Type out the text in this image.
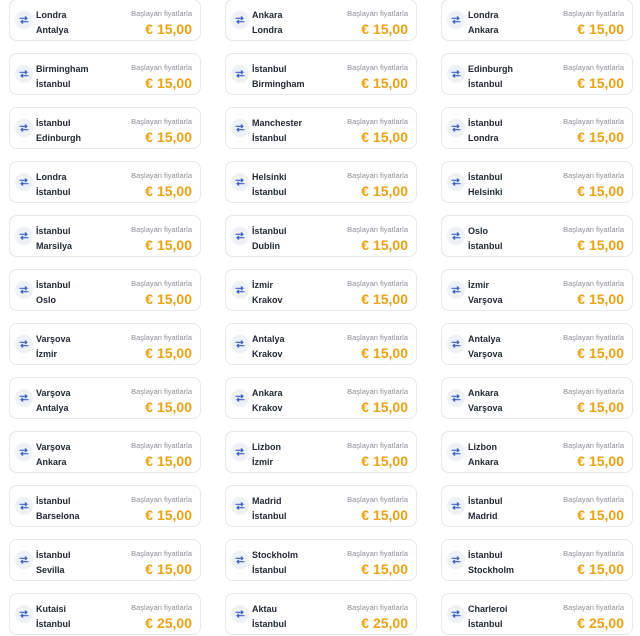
Londra
Antalya
Başlayan fiyatlarla
€ 15,00
Ankara
Londra
Başlayan fiyatlarla
€ 15,00
Londra
Ankara
Başlayan fiyatlarla
€ 15,00
Birmingham
İstanbul
Başlayan fiyatlarla
€ 15,00
İstanbul
Birmingham
Başlayan fiyatlarla
€ 15,00
Edinburgh
İstanbul
Başlayan fiyatlarla
€ 15,00
İstanbul
Edinburgh
Başlayan fiyatlarla
€ 15,00
Manchester
İstanbul
Başlayan fiyatlarla
€ 15,00
İstanbul
Londra
Başlayan fiyatlarla
€ 15,00
Londra
İstanbul
Başlayan fiyatlarla
€ 15,00
Helsinki
İstanbul
Başlayan fiyatlarla
€ 15,00
İstanbul
Helsinki
Başlayan fiyatlarla
€ 15,00
İstanbul
Marsilya
Başlayan fiyatlarla
€ 15,00
İstanbul
Dublin
Başlayan fiyatlarla
€ 15,00
Oslo
İstanbul
Başlayan fiyatlarla
€ 15,00
İstanbul
Oslo
Başlayan fiyatlarla
€ 15,00
İzmir
Krakov
Başlayan fiyatlarla
€ 15,00
İzmir
Varşova
Başlayan fiyatlarla
€ 15,00
Varşova
İzmir
Başlayan fiyatlarla
€ 15,00
Antalya
Krakov
Başlayan fiyatlarla
€ 15,00
Antalya
Varşova
Başlayan fiyatlarla
€ 15,00
Varşova
Antalya
Başlayan fiyatlarla
€ 15,00
Ankara
Krakov
Başlayan fiyatlarla
€ 15,00
Ankara
Varşova
Başlayan fiyatlarla
€ 15,00
Varşova
Ankara
Başlayan fiyatlarla
€ 15,00
Lizbon
İzmir
Başlayan fiyatlarla
€ 15,00
Lizbon
Ankara
Başlayan fiyatlarla
€ 15,00
İstanbul
Barselona
Başlayan fiyatlarla
€ 15,00
Madrid
İstanbul
Başlayan fiyatlarla
€ 15,00
İstanbul
Madrid
Başlayan fiyatlarla
€ 15,00
İstanbul
Sevilla
Başlayan fiyatlarla
€ 15,00
Stockholm
İstanbul
Başlayan fiyatlarla
€ 15,00
İstanbul
Stockholm
Başlayan fiyatlarla
€ 15,00
Kutaisi
İstanbul
Başlayan fiyatlarla
€ 25,00
Aktau
İstanbul
Başlayan fiyatlarla
€ 25,00
Charleroi
İstanbul
Başlayan fiyatlarla
€ 25,00
